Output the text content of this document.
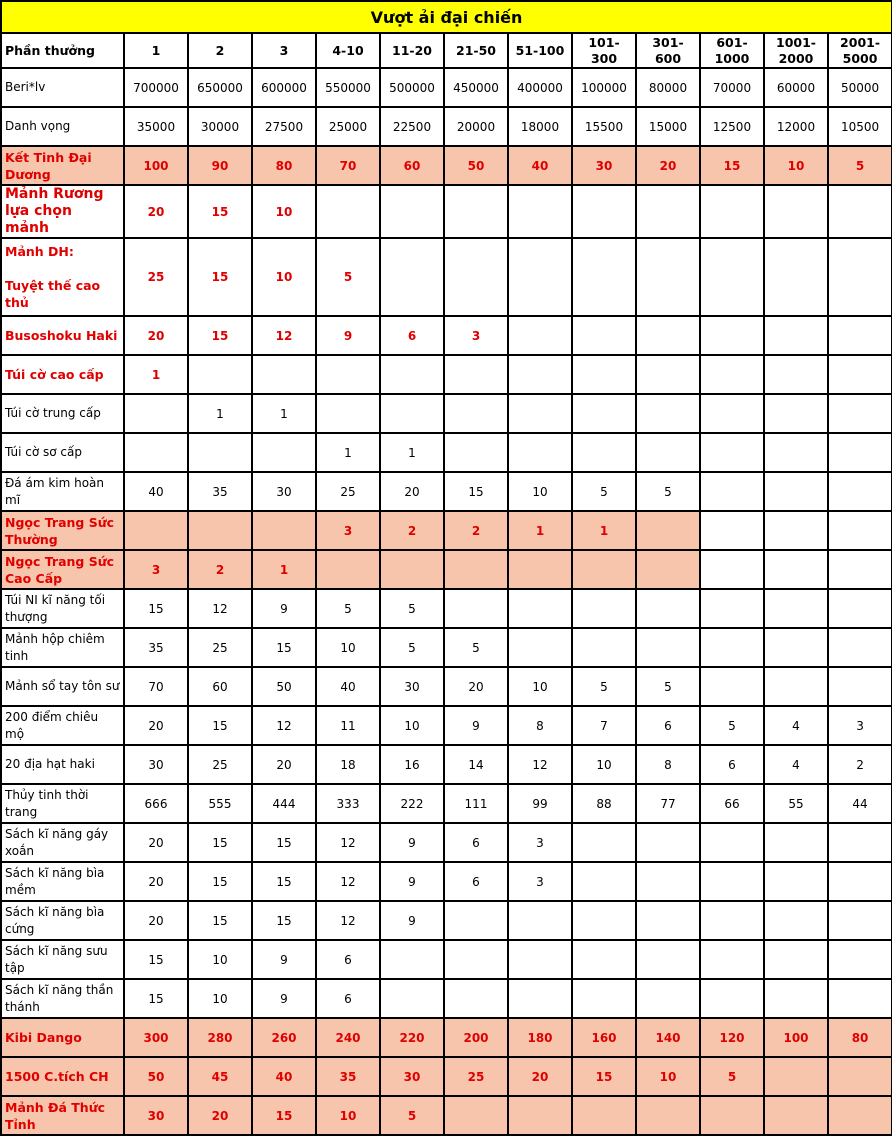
Vượt ải đại chiến												
Phần thưởng	1	2	3	4-10	11-20	21-50	51-100	101-300	301-600	601-1000	1001-2000	2001-5000
Beri*lv	700000	650000	600000	550000	500000	450000	400000	100000	80000	70000	60000	50000
Danh vọng	35000	30000	27500	25000	22500	20000	18000	15500	15000	12500	12000	10500
Kết Tinh Đại Dương	100	90	80	70	60	50	40	30	20	15	10	5
Mảnh Rương lựa chọn mảnh	20	15	10									
Mảnh DH:

Tuyệt thế cao thủ	25	15	10	5								
Busoshoku Haki	20	15	12	9	6	3						
Túi cờ cao cấp	1											
Túi cờ trung cấp		1	1									
Túi cờ sơ cấp				1	1							
Đá ám kim hoàn mĩ	40	35	30	25	20	15	10	5	5			
Ngọc Trang Sức Thường				3	2	2	1	1				
Ngọc Trang Sức Cao Cấp	3	2	1									
Túi NI kĩ năng tối thượng	15	12	9	5	5							
Mảnh hộp chiêm tinh	35	25	15	10	5	5						
Mảnh sổ tay tôn sư	70	60	50	40	30	20	10	5	5			
200 điểm chiêu mộ	20	15	12	11	10	9	8	7	6	5	4	3
20 địa hạt haki	30	25	20	18	16	14	12	10	8	6	4	2
Thủy tinh thời trang	666	555	444	333	222	111	99	88	77	66	55	44
Sách kĩ năng gáy xoắn	20	15	15	12	9	6	3					
Sách kĩ năng bìa mềm	20	15	15	12	9	6	3					
Sách kĩ năng bìa cứng	20	15	15	12	9							
Sách kĩ năng sưu tập	15	10	9	6								
Sách kĩ năng thần thánh	15	10	9	6								
Kibi Dango	300	280	260	240	220	200	180	160	140	120	100	80
1500 C.tích CH	50	45	40	35	30	25	20	15	10	5		
Mảnh Đá Thức Tỉnh	30	20	15	10	5							
